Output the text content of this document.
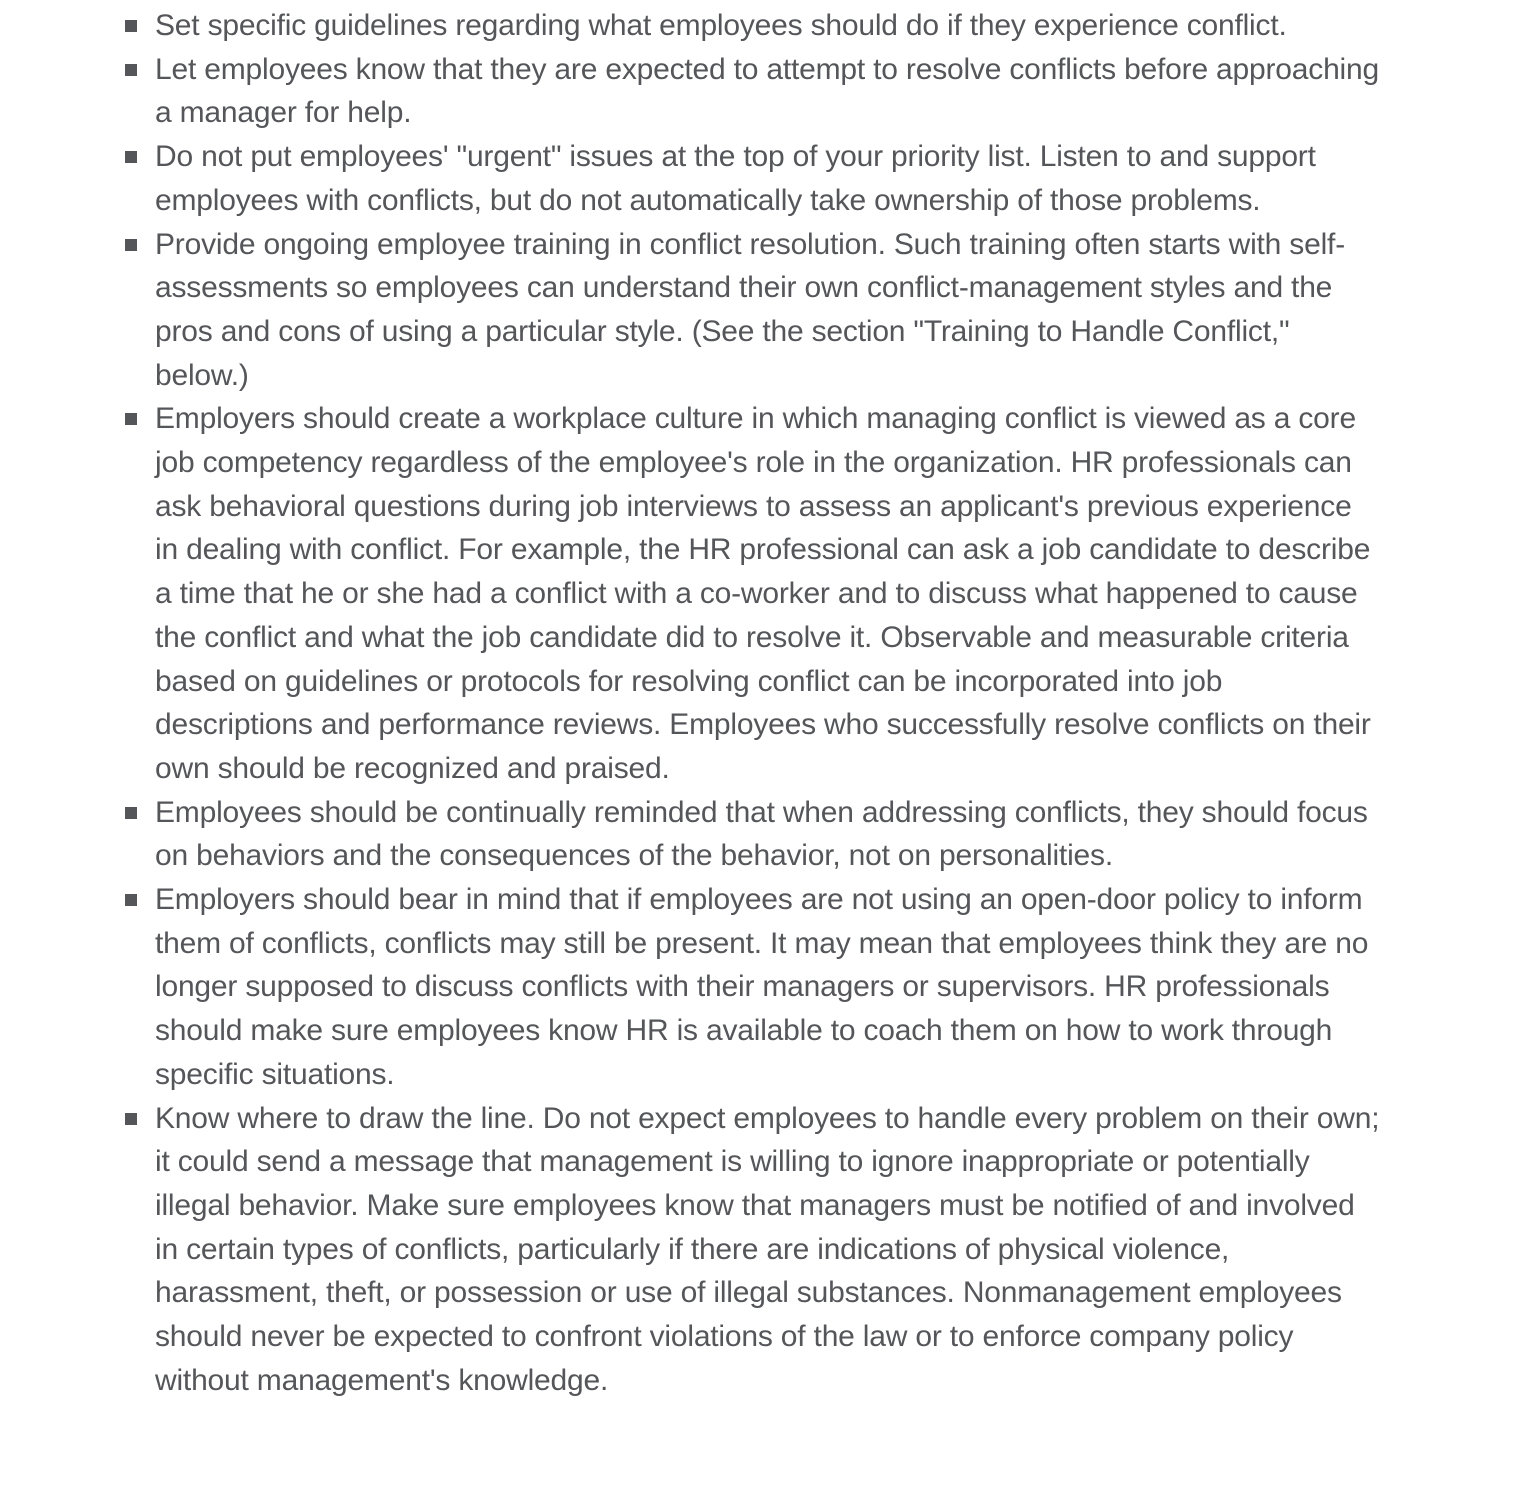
Set specific guidelines regarding what employees should do if they experience conflict.
Let employees know that they are expected to attempt to resolve conflicts before approaching a manager for help.
Do not put employees' "urgent" issues at the top of your priority list. Listen to and support employees with conflicts, but do not automatically take ownership of those problems.
Provide ongoing employee training in conflict resolution. Such training often starts with self-assessments so employees can understand their own conflict-management styles and the pros and cons of using a particular style. (See the section "Training to Handle Conflict," below.)
Employers should create a workplace culture in which managing conflict is viewed as a core job competency regardless of the employee's role in the organization. HR professionals can ask behavioral questions during job interviews to assess an applicant's previous experience in dealing with conflict. For example, the HR professional can ask a job candidate to describe a time that he or she had a conflict with a co-worker and to discuss what happened to cause the conflict and what the job candidate did to resolve it. Observable and measurable criteria based on guidelines or protocols for resolving conflict can be incorporated into job descriptions and performance reviews. Employees who successfully resolve conflicts on their own should be recognized and praised.
Employees should be continually reminded that when addressing conflicts, they should focus on behaviors and the consequences of the behavior, not on personalities.
Employers should bear in mind that if employees are not using an open-door policy to inform them of conflicts, conflicts may still be present. It may mean that employees think they are no longer supposed to discuss conflicts with their managers or supervisors. HR professionals should make sure employees know HR is available to coach them on how to work through specific situations.
Know where to draw the line. Do not expect employees to handle every problem on their own; it could send a message that management is willing to ignore inappropriate or potentially illegal behavior. Make sure employees know that managers must be notified of and involved in certain types of conflicts, particularly if there are indications of physical violence, harassment, theft, or possession or use of illegal substances. Nonmanagement employees should never be expected to confront violations of the law or to enforce company policy without management's knowledge.
